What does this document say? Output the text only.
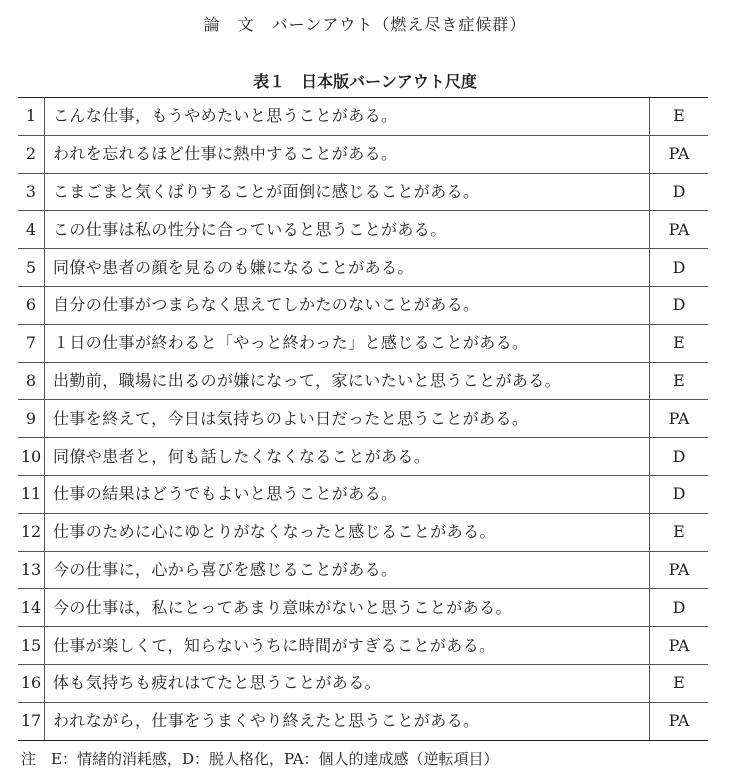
論　文　バーンアウト（燃え尽き症候群）
表１　日本版バーンアウト尺度
1	こんな仕事，もうやめたいと思うことがある。	E
2	われを忘れるほど仕事に熱中することがある。	PA
3	こまごまと気くばりすることが面倒に感じることがある。	D
4	この仕事は私の性分に合っていると思うことがある。	PA
5	同僚や患者の顔を見るのも嫌になることがある。	D
6	自分の仕事がつまらなく思えてしかたのないことがある。	D
7	１日の仕事が終わると「やっと終わった」と感じることがある。	E
8	出勤前，職場に出るのが嫌になって，家にいたいと思うことがある。	E
9	仕事を終えて，今日は気持ちのよい日だったと思うことがある。	PA
10	同僚や患者と，何も話したくなくなることがある。	D
11	仕事の結果はどうでもよいと思うことがある。	D
12	仕事のために心にゆとりがなくなったと感じることがある。	E
13	今の仕事に，心から喜びを感じることがある。	PA
14	今の仕事は，私にとってあまり意味がないと思うことがある。	D
15	仕事が楽しくて，知らないうちに時間がすぎることがある。	PA
16	体も気持ちも疲れはてたと思うことがある。	E
17	われながら，仕事をうまくやり終えたと思うことがある。	PA
注　E：情緒的消耗感，D：脱人格化，PA：個人的達成感（逆転項目）
